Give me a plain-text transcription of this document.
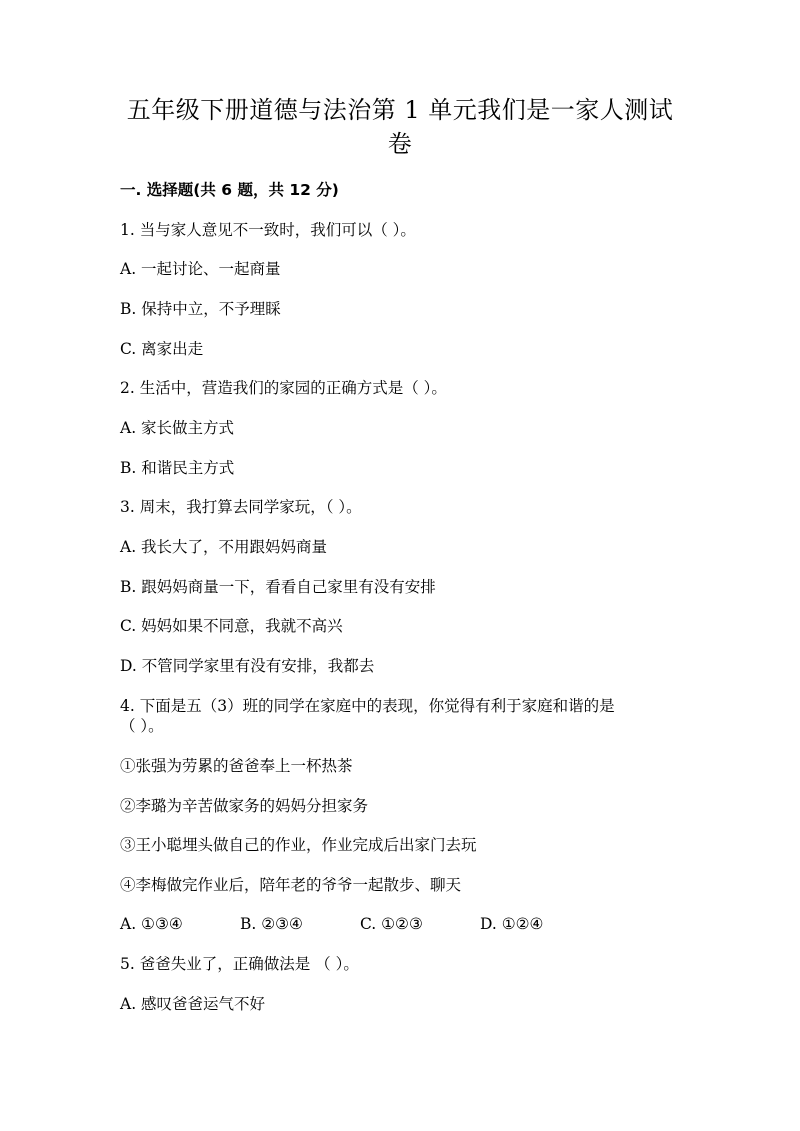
五年级下册道德与法治第 1 单元我们是一家人测试
卷
一. 选择题(共 6 题，共 12 分)
1. 当与家人意见不一致时，我们可以（ ）。
A. 一起讨论、一起商量
B. 保持中立，不予理睬
C. 离家出走
2. 生活中，营造我们的家园的正确方式是（ ）。
A. 家长做主方式
B. 和谐民主方式
3. 周末，我打算去同学家玩，（ ）。
A. 我长大了，不用跟妈妈商量
B. 跟妈妈商量一下，看看自己家里有没有安排
C. 妈妈如果不同意，我就不高兴
D. 不管同学家里有没有安排，我都去
4. 下面是五（3）班的同学在家庭中的表现，你觉得有利于家庭和谐的是
（ ）。
①张强为劳累的爸爸奉上一杯热茶
②李璐为辛苦做家务的妈妈分担家务
③王小聪埋头做自己的作业，作业完成后出家门去玩
④李梅做完作业后，陪年老的爷爷一起散步、聊天
A. ①③④	B. ②③④	C. ①②③	D. ①②④
5. 爸爸失业了，正确做法是 （ ）。
A. 感叹爸爸运气不好
